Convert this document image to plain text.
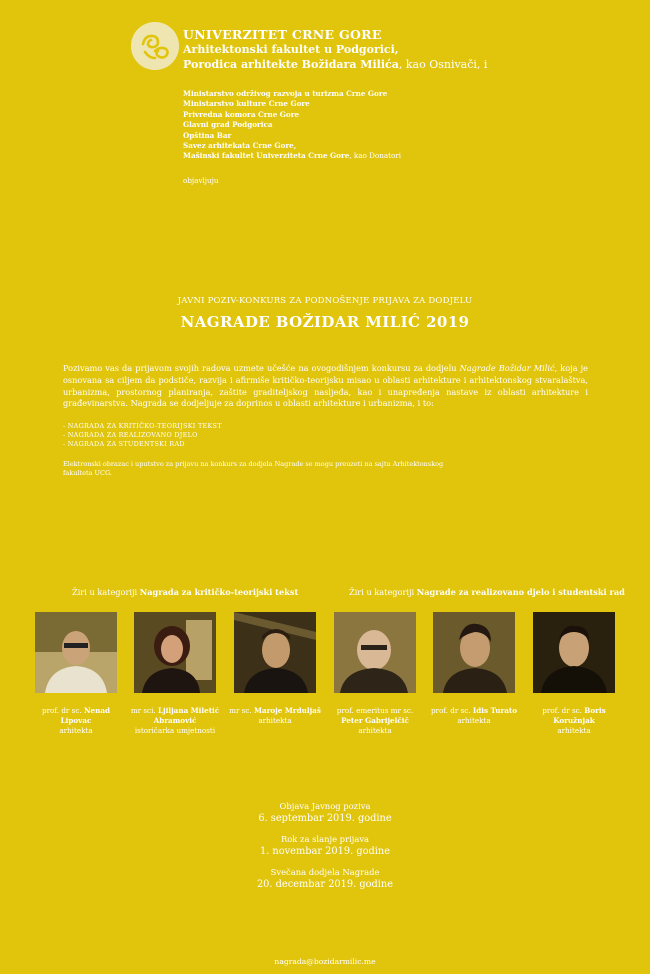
UNIVERZITET CRNE GORE
Arhitektonski fakultet u Podgorici,
Porodica arhitekte Božidara Milića, kao Osnivači, i
Ministarstvo održivog razvoja u turizma Crne Gore
Ministarstvo kulture Crne Gore
Privredna komora Crne Gore
Glavni grad Podgorica
Opština Bar
Savez arhitekata Crne Gore,
Mašinski fakultet Univerziteta Crne Gore, kao Donatori
objavljuju
JAVNI POZIV-KONKURS ZA PODNOŠENJE PRIJAVA ZA DODJELU
NAGRADE BOŽIDAR MILIĆ 2019
Pozivamo vas da prijavom svojih radova uzmete učešće na ovogodišnjem konkursu za dodjelu Nagrade Božidar Milić, koja je osnovana sa ciljem da podstiče, razvija i afirmiše kritičko-teorijsku misao u oblasti arhitekture i arhitektonskog stvaralaštva, urbanizma, prostornog planiranja, zaštite graditeljskog nasljeđa, kao i unapređenja nastave iz oblasti arhitekture i građevinarstva. Nagrada se dodjeljuje za doprinos u oblasti arhitekture i urbanizma, i to:
- NAGRADA ZA KRITIČKO-TEORIJSKI TEKST
- NAGRADA ZA REALIZOVANO DJELO
- NAGRADA ZA STUDENTSKI RAD
Elektronski obrazac i uputstvo za prijavu na konkurs za dodjela Nagrade se mogu preuzeti na sajtu Arhitektonskog fakulteta UCG.
Žiri u kategoriji Nagrada za kritičko-teorijski tekst	Žiri u kategoriji Nagrade za realizovano djelo i studentski rad
prof. dr sc. Nenad Lipovac
arhitekta
mr sci. Ljiljana Miletić Abramović
istoričarka umjetnosti
mr sc. Maroje Mrduljaš
arhitekta
prof. emeritus mr sc. Peter Gabrijelčič
arhitekta
prof. dr sc. Idis Turato
arhitekta
prof. dr sc. Boris Koružnjak
arhitekta
Objava Javnog poziva
6. septembar 2019. godine
Rok za slanje prijava
1. novembar 2019. godine
Svečana dodjela Nagrade
20. decembar 2019. godine
nagrada@bozidarmilic.me
